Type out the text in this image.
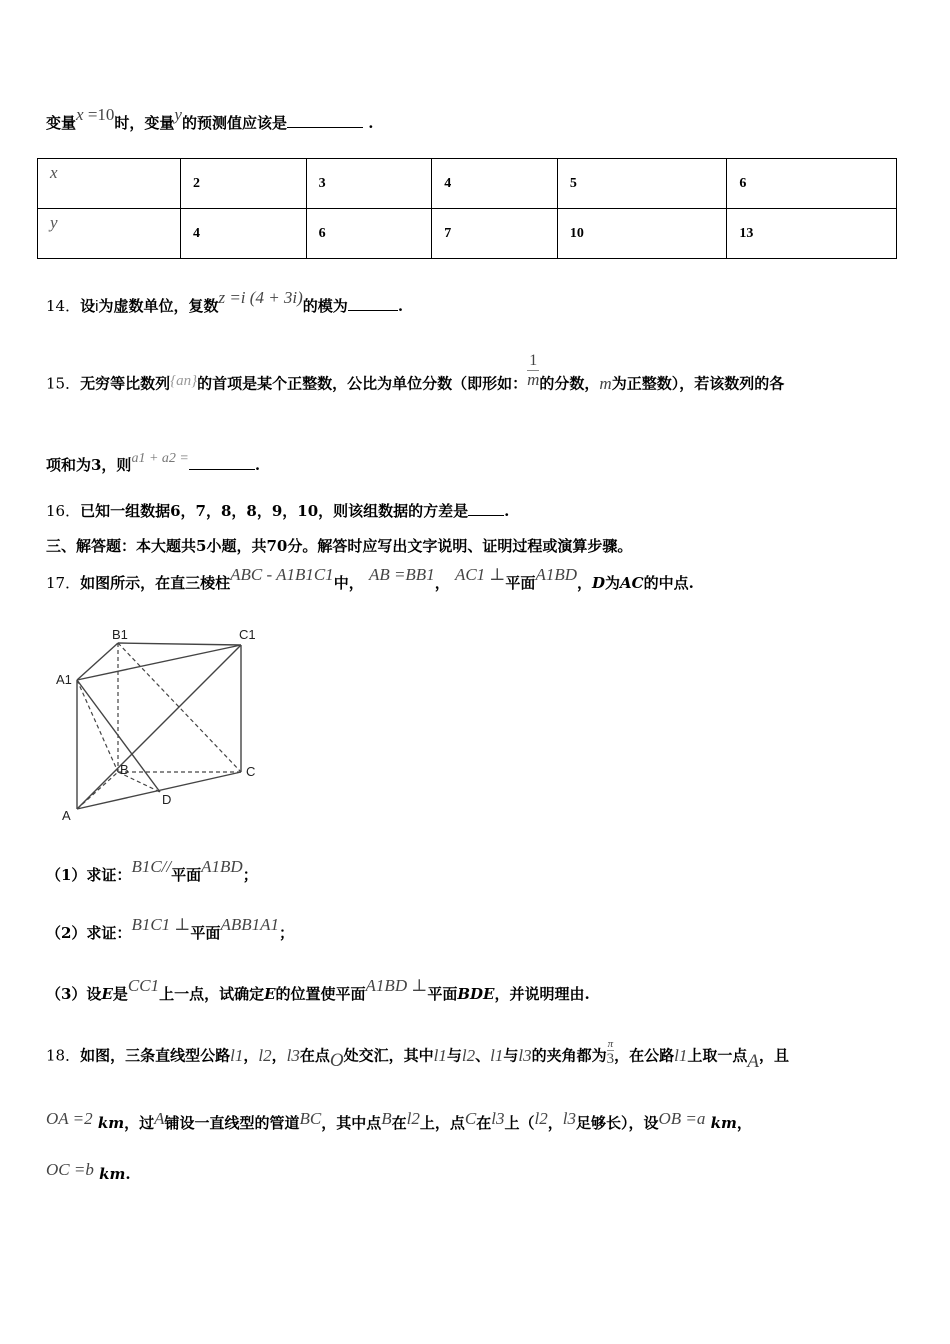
变量x =10时，变量y的预测值应该是	.
x	2	3	4	5	6
y	4	6	7	10	13
14．设i为虚数单位，复数z =i (4 + 3i)的模为	.
15．无穷等比数列{an}的首项是某个正整数，公比为单位分数（即形如： $\frac{1}{m}$ 的分数，m为正整数），若该数列的各
项和为3，则a1 + a2 =	.
16．已知一组数据6，7，8，8，9，10，则该组数据的方差是 .
三、解答题：本大题共5小题，共70分。解答时应写出文字说明、证明过程或演算步骤。
17．如图所示，在直三棱柱ABC - A1B1C1中， AB =BB1， AC1 ⊥平面A1BD，D为AC的中点.
B1	C1
A1
B	C
D
A
（1）求证：B1C//平面A1BD；
（2）求证：B1C1 ⊥平面ABB1A1；
（3）设E是CC1上一点，试确定E的位置使平面A1BD ⊥平面BDE，并说明理由.
18．如图，三条直线型公路l1，l2，l3在点O处交汇，其中l1与l2、l1与l3的夹角都为 $\frac{\pi}{3}$ ，在公路l1上取一点A，且
OA =2 km，过A铺设一直线型的管道BC，其中点B在l2上，点C在l3上（l2，l3足够长），设OB =a km，
OC =b km.
